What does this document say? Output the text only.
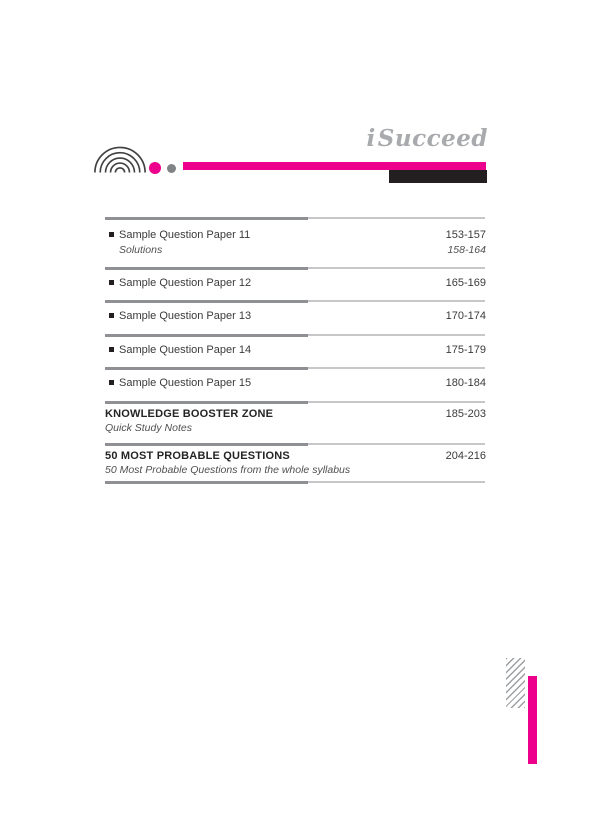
iSucceed
Sample Question Paper 11	153-157
Solutions	158-164
Sample Question Paper 12	165-169
Sample Question Paper 13	170-174
Sample Question Paper 14	175-179
Sample Question Paper 15	180-184
KNOWLEDGE BOOSTER ZONE	185-203
Quick Study Notes
50 MOST PROBABLE QUESTIONS	204-216
50 Most Probable Questions from the whole syllabus
